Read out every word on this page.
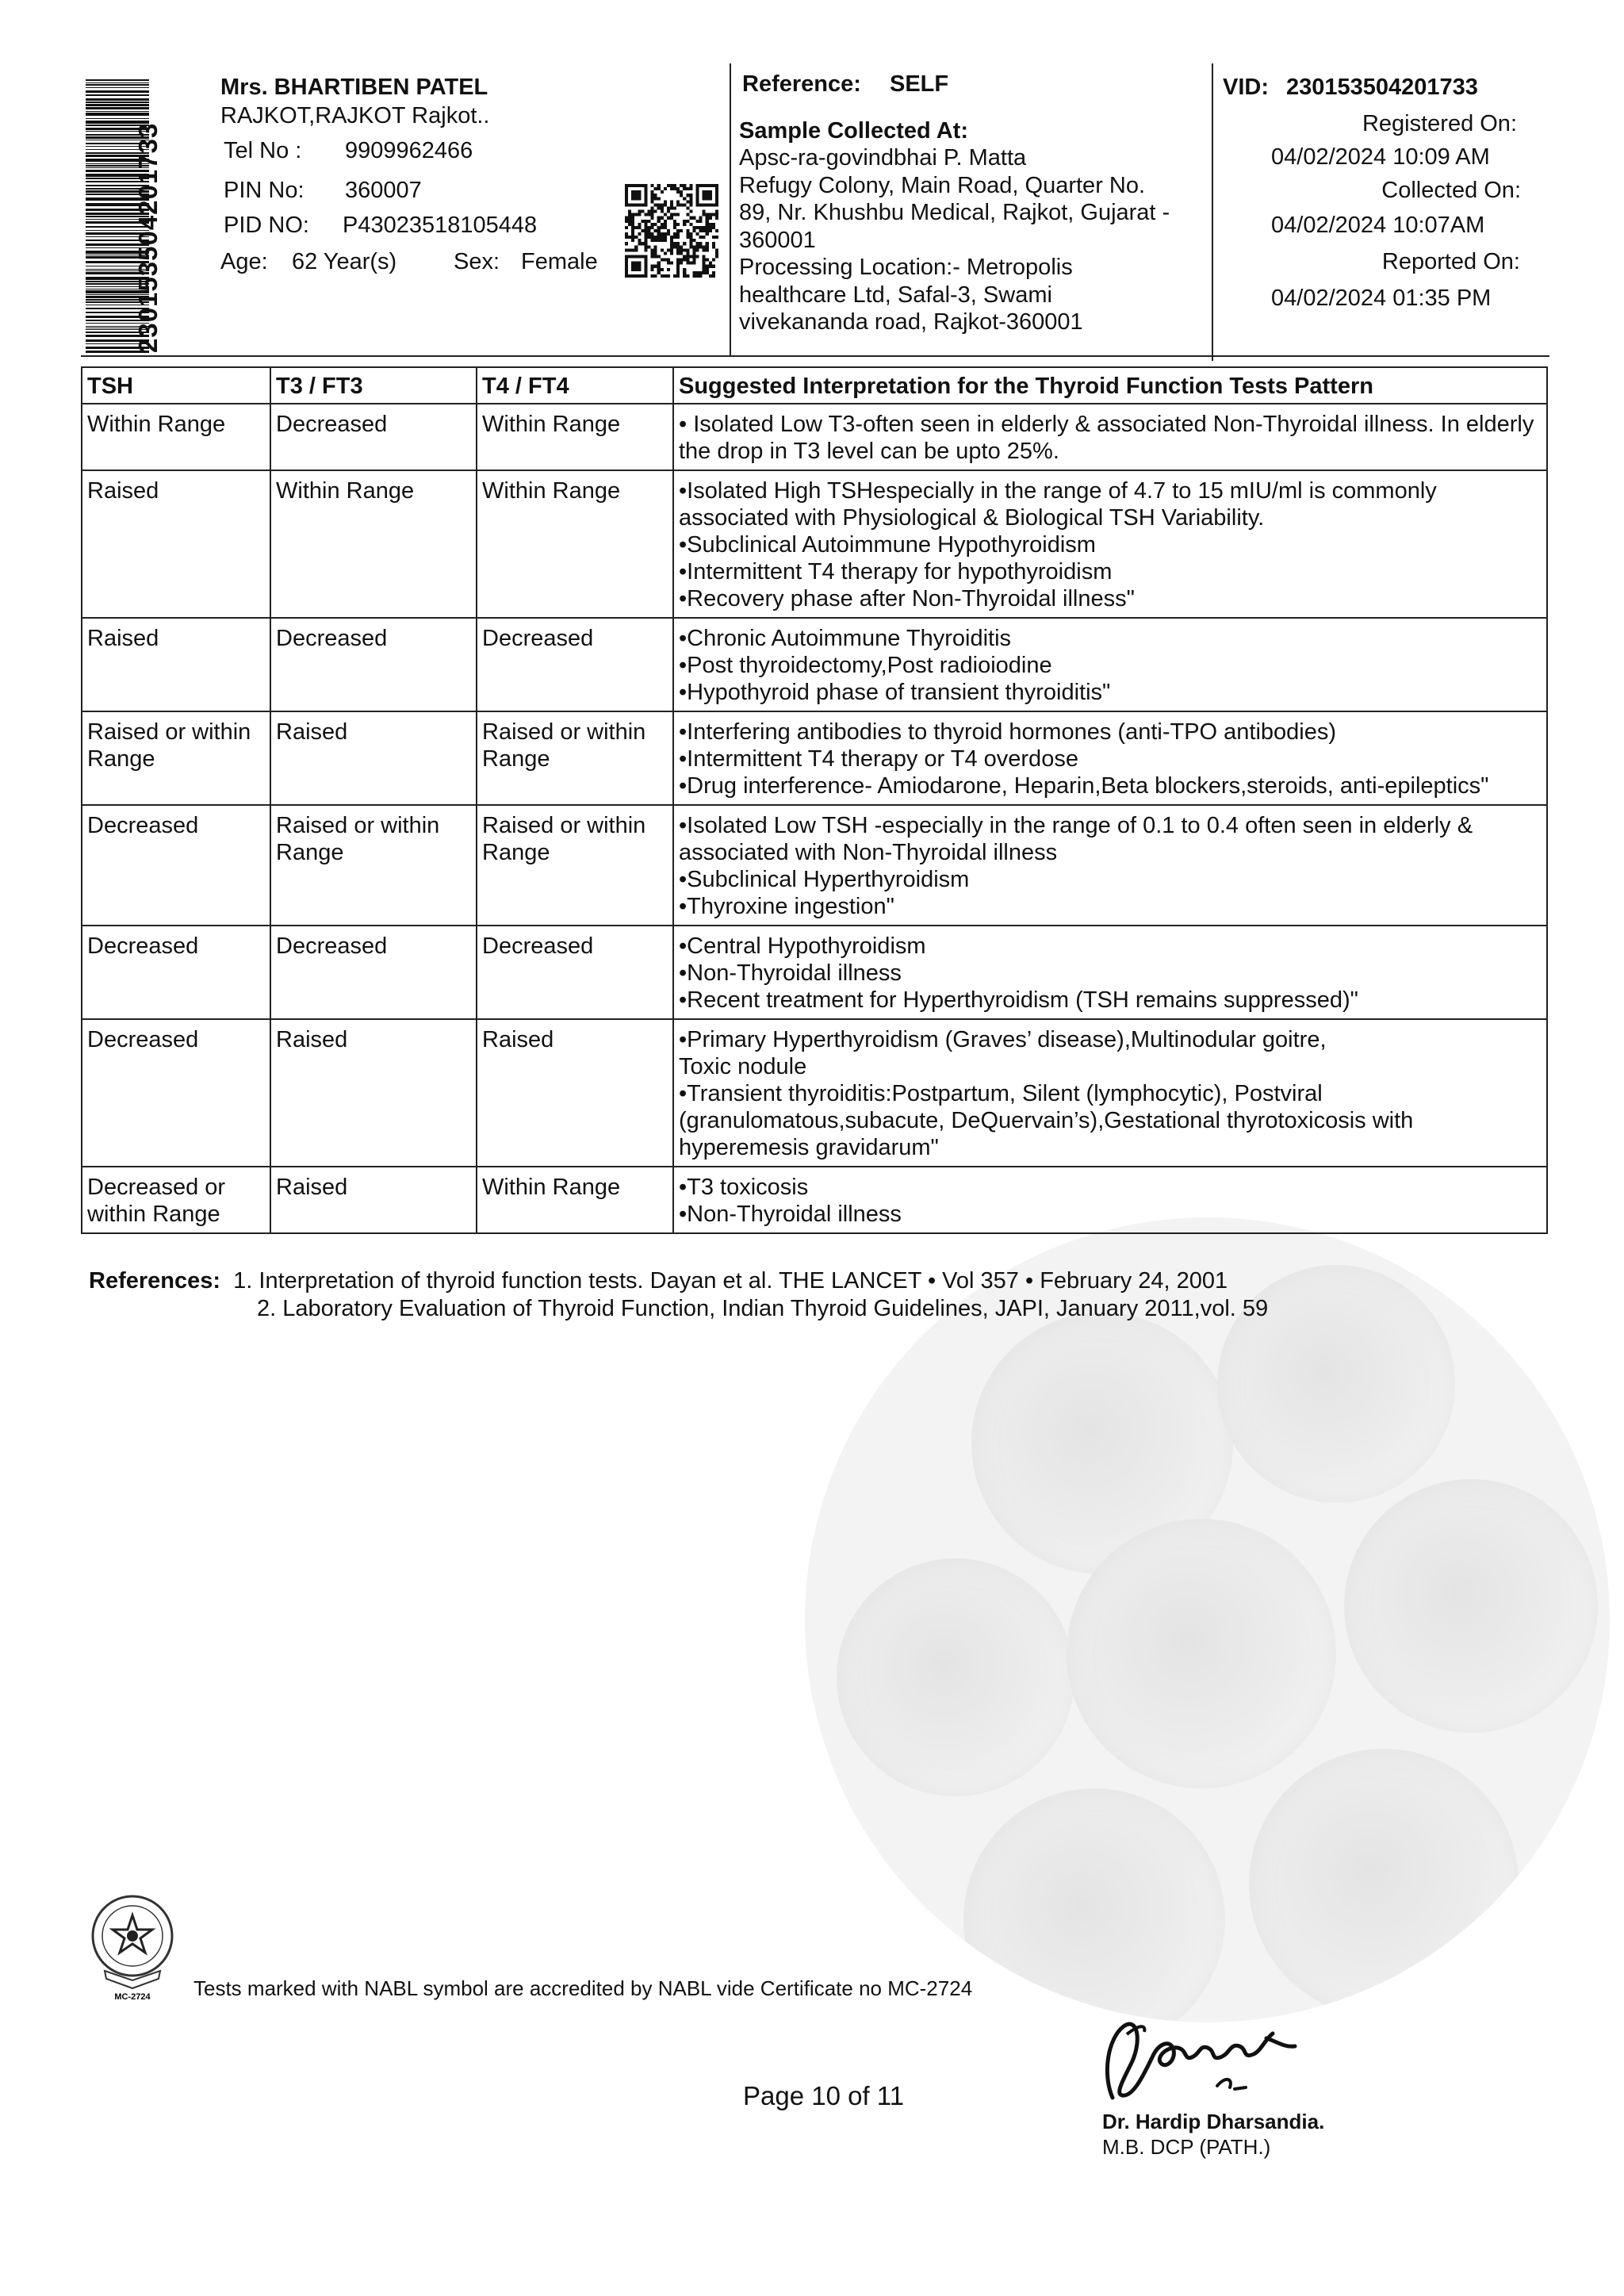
230153504201733
Mrs. BHARTIBEN PATEL
RAJKOT,RAJKOT Rajkot..
Tel No : 9909962466
PIN No: 360007
PID NO: P43023518105448
Age: 62 Year(s) Sex: Female
Reference: SELF
Sample Collected At:
Apsc-ra-govindbhai P. Matta
Refugy Colony, Main Road, Quarter No.
89, Nr. Khushbu Medical, Rajkot, Gujarat -
360001
Processing Location:- Metropolis
healthcare Ltd, Safal-3, Swami
vivekananda road, Rajkot-360001
VID: 230153504201733
Registered On:
04/02/2024 10:09 AM
Collected On:
04/02/2024 10:07AM
Reported On:
04/02/2024 01:35 PM
TSH	T3 / FT3	T4 / FT4	Suggested Interpretation for the Thyroid Function Tests Pattern
Within Range	Decreased	Within Range	• Isolated Low T3-often seen in elderly & associated Non-Thyroidal illness. In elderly the drop in T3 level can be upto 25%.
Raised	Within Range	Within Range	•Isolated High TSHespecially in the range of 4.7 to 15 mIU/ml is commonly associated with Physiological & Biological TSH Variability.
•Subclinical Autoimmune Hypothyroidism
•Intermittent T4 therapy for hypothyroidism
•Recovery phase after Non-Thyroidal illness"
Raised	Decreased	Decreased	•Chronic Autoimmune Thyroiditis
•Post thyroidectomy,Post radioiodine
•Hypothyroid phase of transient thyroiditis"
Raised or within Range	Raised	Raised or within Range	•Interfering antibodies to thyroid hormones (anti-TPO antibodies)
•Intermittent T4 therapy or T4 overdose
•Drug interference- Amiodarone, Heparin,Beta blockers,steroids, anti-epileptics"
Decreased	Raised or within Range	Raised or within Range	•Isolated Low TSH -especially in the range of 0.1 to 0.4 often seen in elderly & associated with Non-Thyroidal illness
•Subclinical Hyperthyroidism
•Thyroxine ingestion"
Decreased	Decreased	Decreased	•Central Hypothyroidism
•Non-Thyroidal illness
•Recent treatment for Hyperthyroidism (TSH remains suppressed)"
Decreased	Raised	Raised	•Primary Hyperthyroidism (Graves’ disease),Multinodular goitre,
Toxic nodule
•Transient thyroiditis:Postpartum, Silent (lymphocytic), Postviral (granulomatous,subacute, DeQuervain’s),Gestational thyrotoxicosis with hyperemesis gravidarum"
Decreased or within Range	Raised	Within Range	•T3 toxicosis
•Non-Thyroidal illness
References: 1. Interpretation of thyroid function tests. Dayan et al. THE LANCET • Vol 357 • February 24, 2001
2. Laboratory Evaluation of Thyroid Function, Indian Thyroid Guidelines, JAPI, January 2011,vol. 59
MC-2724 Tests marked with NABL symbol are accredited by NABL vide Certificate no MC-2724
Page 10 of 11
Dr. Hardip Dharsandia.
M.B. DCP (PATH.)
